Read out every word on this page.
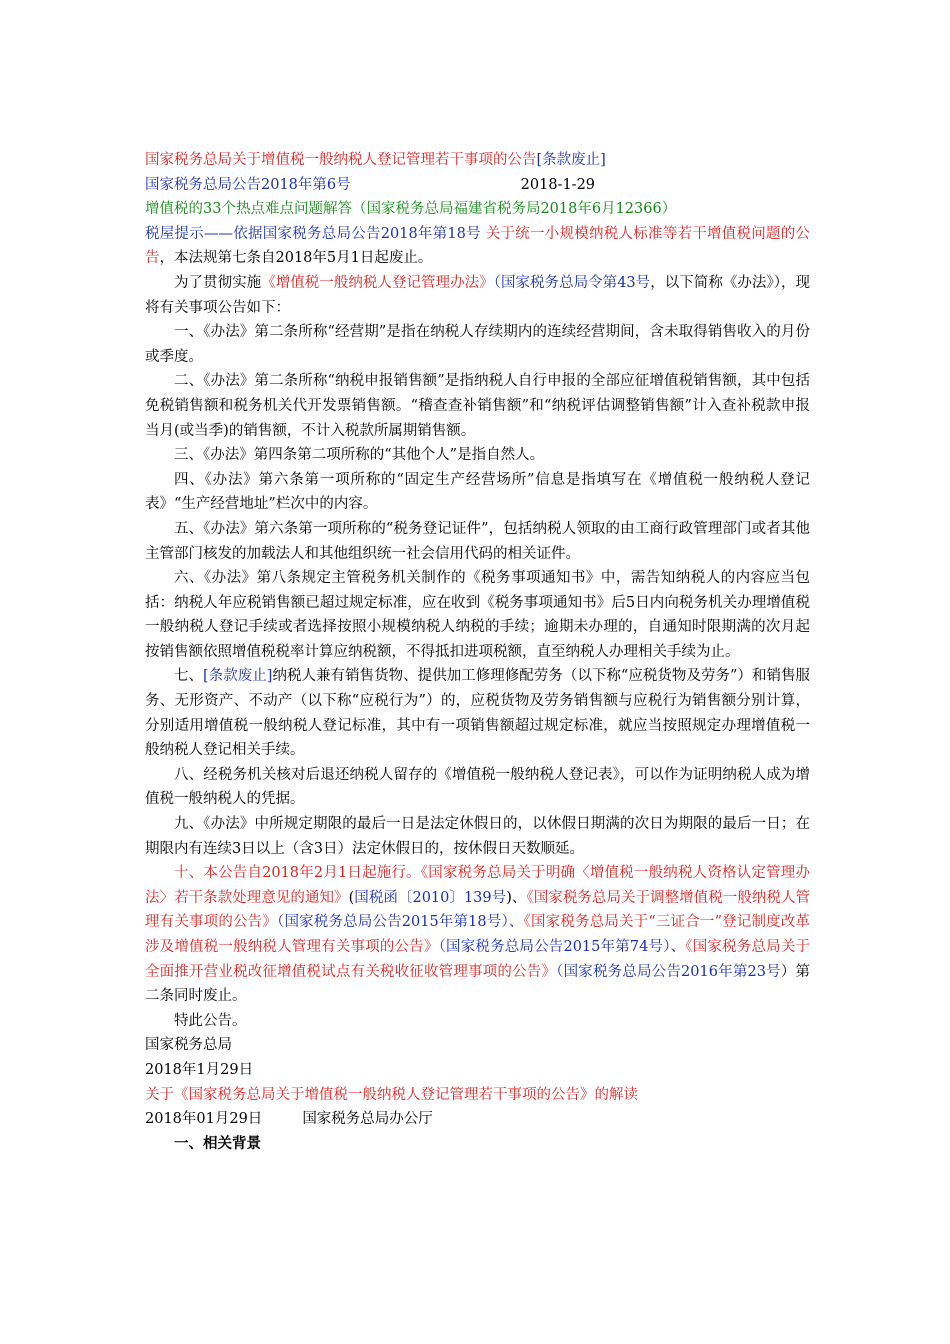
国家税务总局关于增值税一般纳税人登记管理若干事项的公告[条款废止]
国家税务总局公告2018年第6号	2018-1-29
增值税的33个热点难点问题解答（国家税务总局福建省税务局2018年6月12366）
税屋提示——依据国家税务总局公告2018年第18号 关于统一小规模纳税人标准等若干增值税问题的公告，本法规第七条自2018年5月1日起废止。
为了贯彻实施《增值税一般纳税人登记管理办法》（国家税务总局令第43号，以下简称《办法》），现将有关事项公告如下：
一、《办法》第二条所称“经营期”是指在纳税人存续期内的连续经营期间，含未取得销售收入的月份或季度。
二、《办法》第二条所称“纳税申报销售额”是指纳税人自行申报的全部应征增值税销售额，其中包括免税销售额和税务机关代开发票销售额。“稽查查补销售额”和“纳税评估调整销售额”计入查补税款申报当月(或当季)的销售额，不计入税款所属期销售额。
三、《办法》第四条第二项所称的“其他个人”是指自然人。
四、《办法》第六条第一项所称的“固定生产经营场所”信息是指填写在《增值税一般纳税人登记表》“生产经营地址”栏次中的内容。
五、《办法》第六条第一项所称的“税务登记证件”，包括纳税人领取的由工商行政管理部门或者其他主管部门核发的加载法人和其他组织统一社会信用代码的相关证件。
六、《办法》第八条规定主管税务机关制作的《税务事项通知书》中，需告知纳税人的内容应当包括：纳税人年应税销售额已超过规定标准，应在收到《税务事项通知书》后5日内向税务机关办理增值税一般纳税人登记手续或者选择按照小规模纳税人纳税的手续；逾期未办理的，自通知时限期满的次月起按销售额依照增值税税率计算应纳税额，不得抵扣进项税额，直至纳税人办理相关手续为止。
七、[条款废止]纳税人兼有销售货物、提供加工修理修配劳务（以下称“应税货物及劳务”）和销售服务、无形资产、不动产（以下称“应税行为”）的，应税货物及劳务销售额与应税行为销售额分别计算，分别适用增值税一般纳税人登记标准，其中有一项销售额超过规定标准，就应当按照规定办理增值税一般纳税人登记相关手续。
八、经税务机关核对后退还纳税人留存的《增值税一般纳税人登记表》，可以作为证明纳税人成为增值税一般纳税人的凭据。
九、《办法》中所规定期限的最后一日是法定休假日的，以休假日期满的次日为期限的最后一日；在期限内有连续3日以上（含3日）法定休假日的，按休假日天数顺延。
十、本公告自2018年2月1日起施行。《国家税务总局关于明确〈增值税一般纳税人资格认定管理办法〉若干条款处理意见的通知》(国税函〔2010〕139号)、《国家税务总局关于调整增值税一般纳税人管理有关事项的公告》（国家税务总局公告2015年第18号）、《国家税务总局关于“三证合一”登记制度改革涉及增值税一般纳税人管理有关事项的公告》（国家税务总局公告2015年第74号）、《国家税务总局关于全面推开营业税改征增值税试点有关税收征收管理事项的公告》（国家税务总局公告2016年第23号）第二条同时废止。
特此公告。
国家税务总局
2018年1月29日
关于《国家税务总局关于增值税一般纳税人登记管理若干事项的公告》的解读
2018年01月29日	国家税务总局办公厅
一、相关背景
